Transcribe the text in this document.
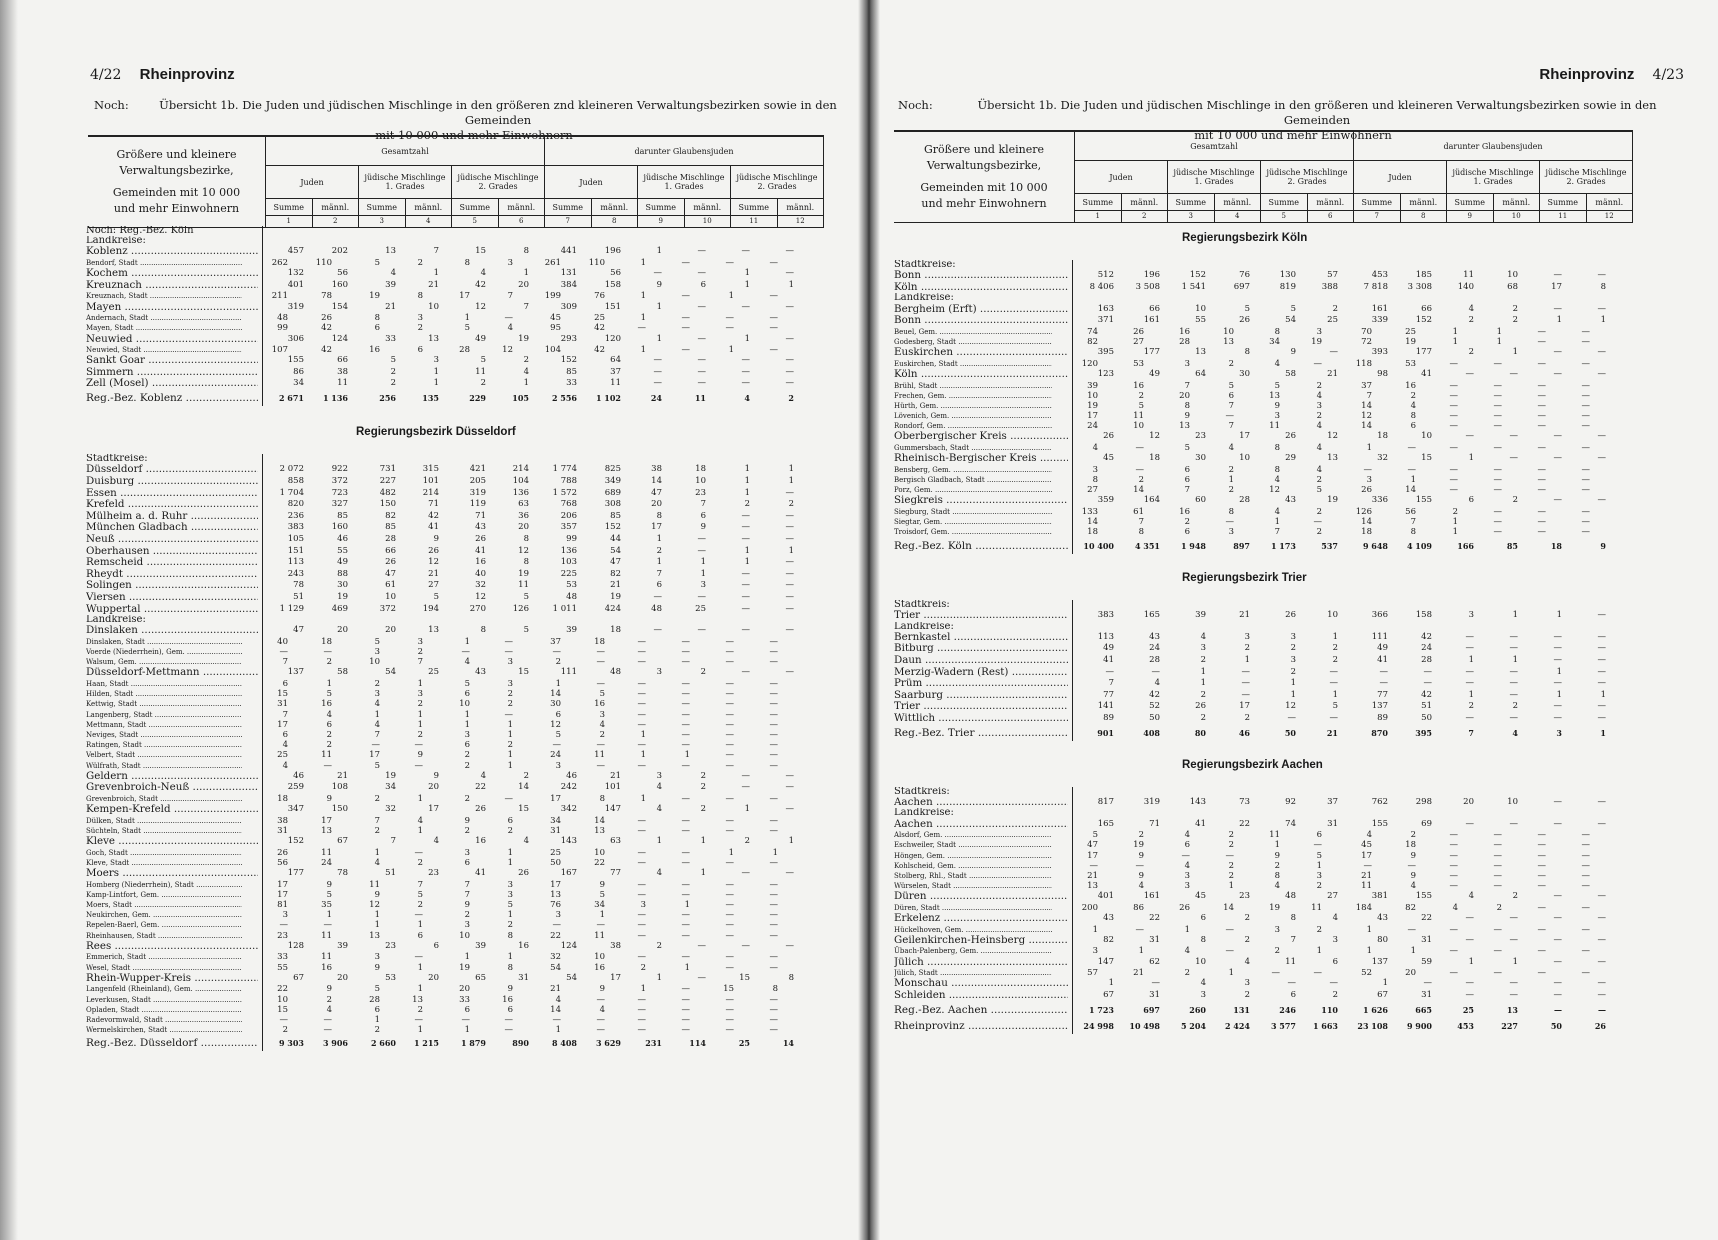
4/22 Rheinprovinz
Noch:	Übersicht 1b. Die Juden und jüdischen Mischlinge in den größeren znd kleineren Verwaltungsbezirken sowie in den Gemeinden
mit 10 000 und mehr Einwohnern
Größere und kleinere
Verwaltungsbezirke,
Gemeinden mit 10 000
und mehr Einwohnern	Gesamtzahl						darunter Glaubensjuden					
	Juden		jüdische Mischlinge 1. Grades		jüdische Mischlinge 2. Grades		Juden		jüdische Mischlinge 1. Grades		jüdische Mischlinge 2. Grades	
	Summe	männl.	Summe	männl.	Summe	männl.	Summe	männl.	Summe	männl.	Summe	männl.
	1	2	3	4	5	6	7	8	9	10	11	12
Noch: Reg.-Bez. Köln
Landkreise:
Koblenz .....	457	202	13	7	15	8	441	196	1	—	—	—
Bendorf, Stadt .....	262	110	5	2	8	3	261	110	1	—	—	—
Kochem .....	132	56	4	1	4	1	131	56	—	—	1	—
Kreuznach .....	401	160	39	21	42	20	384	158	9	6	1	1
Kreuznach, Stadt .....	211	78	19	8	17	7	199	76	1	—	1	—
Mayen .....	319	154	21	10	12	7	309	151	1	—	—	—
Andernach, Stadt .....	48	26	8	3	1	—	45	25	1	—	—	—
Mayen, Stadt .....	99	42	6	2	5	4	95	42	—	—	—	—
Neuwied .....	306	124	33	13	49	19	293	120	1	—	1	—
Neuwied, Stadt .....	107	42	16	6	28	12	104	42	1	—	1	—
Sankt Goar .....	155	66	5	3	5	2	152	64	—	—	—	—
Simmern .....	86	38	2	1	11	4	85	37	—	—	—	—
Zell (Mosel) .....	34	11	2	1	2	1	33	11	—	—	—	—
Reg.-Bez. Koblenz .....	2 671	1 136	256	135	229	105	2 556	1 102	24	11	4	2
Regierungsbezirk Düsseldorf
Stadtkreise:
Düsseldorf .....	2 072	922	731	315	421	214	1 774	825	38	18	1	1
Duisburg .....	858	372	227	101	205	104	788	349	14	10	1	1
Essen .....	1 704	723	482	214	319	136	1 572	689	47	23	1	—
Krefeld .....	820	327	150	71	119	63	768	308	20	7	2	2
Mülheim a. d. Ruhr .....	236	85	82	42	71	36	206	85	8	6	—	—
München Gladbach .....	383	160	85	41	43	20	357	152	17	9	—	—
Neuß .....	105	46	28	9	26	8	99	44	1	—	—	—
Oberhausen .....	151	55	66	26	41	12	136	54	2	—	1	1
Remscheid .....	113	49	26	12	16	8	103	47	1	1	1	—
Rheydt .....	243	88	47	21	40	19	225	82	7	1	—	—
Solingen .....	78	30	61	27	32	11	53	21	6	3	—	—
Viersen .....	51	19	10	5	12	5	48	19	—	—	—	—
Wuppertal .....	1 129	469	372	194	270	126	1 011	424	48	25	—	—
Landkreise:
Dinslaken .....	47	20	20	13	8	5	39	18	—	—	—	—
Dinslaken, Stadt .....	40	18	5	3	1	—	37	18	—	—	—	—
Voerde (Niederrhein), Gem. .....	—	—	3	2	—	—	—	—	—	—	—	—
Walsum, Gem. .....	7	2	10	7	4	3	2	—	—	—	—	—
Düsseldorf-Mettmann .....	137	58	54	25	43	15	111	48	3	2	—	—
Haan, Stadt .....	6	1	2	1	5	3	1	—	—	—	—	—
Hilden, Stadt .....	15	5	3	3	6	2	14	5	—	—	—	—
Kettwig, Stadt .....	31	16	4	2	10	2	30	16	—	—	—	—
Langenberg, Stadt .....	7	4	1	1	1	—	6	3	—	—	—	—
Mettmann, Stadt .....	17	6	4	1	1	1	12	4	—	—	—	—
Neviges, Stadt .....	6	2	7	2	3	1	5	2	1	—	—	—
Ratingen, Stadt .....	4	2	—	—	6	2	—	—	—	—	—	—
Velbert, Stadt .....	25	11	17	9	2	1	24	11	1	1	—	—
Wülfrath, Stadt .....	4	—	5	—	2	1	3	—	—	—	—	—
Geldern .....	46	21	19	9	4	2	46	21	3	2	—	—
Grevenbroich-Neuß .....	259	108	34	20	22	14	242	101	4	2	—	—
Grevenbroich, Stadt .....	18	9	2	1	2	—	17	8	1	—	—	—
Kempen-Krefeld .....	347	150	32	17	26	15	342	147	4	2	1	—
Dülken, Stadt .....	38	17	7	4	9	6	34	14	—	—	—	—
Süchteln, Stadt .....	31	13	2	1	2	2	31	13	—	—	—	—
Kleve .....	152	67	7	4	16	4	143	63	1	1	2	1
Goch, Stadt .....	26	11	1	—	3	1	25	10	—	—	1	1
Kleve, Stadt .....	56	24	4	2	6	1	50	22	—	—	—	—
Moers .....	177	78	51	23	41	26	167	77	4	1	—	—
Homberg (Niederrhein), Stadt .....	17	9	11	7	7	3	17	9	—	—	—	—
Kamp-Lintfort, Gem. .....	17	5	9	5	7	3	13	5	—	—	—	—
Moers, Stadt .....	81	35	12	2	9	5	76	34	3	1	—	—
Neukirchen, Gem. .....	3	1	1	—	2	1	3	1	—	—	—	—
Repelen-Baerl, Gem. .....	—	—	1	1	3	2	—	—	—	—	—	—
Rheinhausen, Stadt .....	23	11	13	6	10	8	22	11	—	—	—	—
Rees .....	128	39	23	6	39	16	124	38	2	—	—	—
Emmerich, Stadt .....	33	11	3	—	1	1	32	10	—	—	—	—
Wesel, Stadt .....	55	16	9	1	19	8	54	16	2	1	—	—
Rhein-Wupper-Kreis .....	67	20	53	20	65	31	54	17	1	—	15	8
Langenfeld (Rheinland), Gem. .....	22	9	5	1	20	9	21	9	1	—	15	8
Leverkusen, Stadt .....	10	2	28	13	33	16	4	—	—	—	—	—
Opladen, Stadt .....	15	4	6	2	6	6	14	4	—	—	—	—
Radevormwald, Stadt .....	—	—	1	—	—	—	—	—	—	—	—	—
Wermelskirchen, Stadt .....	2	—	2	1	1	—	1	—	—	—	—	—
Reg.-Bez. Düsseldorf .....	9 303	3 906	2 660	1 215	1 879	890	8 408	3 629	231	114	25	14
Rheinprovinz 4/23
Noch:	Übersicht 1b. Die Juden und jüdischen Mischlinge in den größeren und kleineren Verwaltungsbezirken sowie in den Gemeinden
mit 10 000 und mehr Einwohnern
Größere und kleinere
Verwaltungsbezirke,
Gemeinden mit 10 000
und mehr Einwohnern	Gesamtzahl						darunter Glaubensjuden					
	Juden		jüdische Mischlinge 1. Grades		jüdische Mischlinge 2. Grades		Juden		jüdische Mischlinge 1. Grades		jüdische Mischlinge 2. Grades	
	Summe	männl.	Summe	männl.	Summe	männl.	Summe	männl.	Summe	männl.	Summe	männl.
	1	2	3	4	5	6	7	8	9	10	11	12
Regierungsbezirk Köln
Stadtkreise:
Bonn .....	512	196	152	76	130	57	453	185	11	10	—	—
Köln .....	8 406	3 508	1 541	697	819	388	7 818	3 308	140	68	17	8
Landkreise:
Bergheim (Erft) .....	163	66	10	5	5	2	161	66	4	2	—	—
Bonn .....	371	161	55	26	54	25	339	152	2	2	1	1
Beuel, Gem. .....	74	26	16	10	8	3	70	25	1	1	—	—
Godesberg, Stadt .....	82	27	28	13	34	19	72	19	1	1	—	—
Euskirchen .....	395	177	13	8	9	—	393	177	2	1	—	—
Euskirchen, Stadt .....	120	53	3	2	4	—	118	53	—	—	—	—
Köln .....	123	49	64	30	58	21	98	41	—	—	—	—
Brühl, Stadt .....	39	16	7	5	5	2	37	16	—	—	—	—
Frechen, Gem. .....	10	2	20	6	13	4	7	2	—	—	—	—
Hürth, Gem. .....	19	5	8	7	9	3	14	4	—	—	—	—
Lövenich, Gem. .....	17	11	9	—	3	2	12	8	—	—	—	—
Rondorf, Gem. .....	24	10	13	7	11	4	14	6	—	—	—	—
Oberbergischer Kreis .....	26	12	23	17	26	12	18	10	—	—	—	—
Gummersbach, Stadt .....	4	—	5	4	8	4	1	—	—	—	—	—
Rheinisch-Bergischer Kreis .....	45	18	30	10	29	13	32	15	1	—	—	—
Bensberg, Gem. .....	3	—	6	2	8	4	—	—	—	—	—	—
Bergisch Gladbach, Stadt .....	8	2	6	1	4	2	3	1	—	—	—	—
Porz, Gem. .....	27	14	7	2	12	5	26	14	—	—	—	—
Siegkreis .....	359	164	60	28	43	19	336	155	6	2	—	—
Siegburg, Stadt .....	133	61	16	8	4	2	126	56	2	—	—	—
Siegtar, Gem. .....	14	7	2	—	1	—	14	7	1	—	—	—
Troisdorf, Gem. .....	18	8	6	3	7	2	18	8	1	—	—	—
Reg.-Bez. Köln .....	10 400	4 351	1 948	897	1 173	537	9 648	4 109	166	85	18	9
Regierungsbezirk Trier
Stadtkreis:
Trier .....	383	165	39	21	26	10	366	158	3	1	1	—
Landkreise:
Bernkastel .....	113	43	4	3	3	1	111	42	—	—	—	—
Bitburg .....	49	24	3	2	2	2	49	24	—	—	—	—
Daun .....	41	28	2	1	3	2	41	28	1	1	—	—
Merzig-Wadern (Rest) .....	—	—	1	—	2	—	—	—	—	—	1	—
Prüm .....	7	4	1	—	1	—	—	—	—	—	—	—
Saarburg .....	77	42	2	—	1	1	77	42	1	—	1	1
Trier .....	141	52	26	17	12	5	137	51	2	2	—	—
Wittlich .....	89	50	2	2	—	—	89	50	—	—	—	—
Reg.-Bez. Trier .....	901	408	80	46	50	21	870	395	7	4	3	1
Regierungsbezirk Aachen
Stadtkreis:
Aachen .....	817	319	143	73	92	37	762	298	20	10	—	—
Landkreise:
Aachen .....	165	71	41	22	74	31	155	69	—	—	—	—
Alsdorf, Gem. .....	5	2	4	2	11	6	4	2	—	—	—	—
Eschweiler, Stadt .....	47	19	6	2	1	—	45	18	—	—	—	—
Höngen, Gem. .....	17	9	—	—	9	5	17	9	—	—	—	—
Kohlscheid, Gem. .....	—	—	4	2	2	1	—	—	—	—	—	—
Stolberg, Rhl., Stadt .....	21	9	3	2	8	3	21	9	—	—	—	—
Würselen, Stadt .....	13	4	3	1	4	2	11	4	—	—	—	—
Düren .....	401	161	45	23	48	27	381	155	4	2	—	—
Düren, Stadt .....	200	86	26	14	19	11	184	82	4	2	—	—
Erkelenz .....	43	22	6	2	8	4	43	22	—	—	—	—
Hückelhoven, Gem. .....	1	—	1	—	3	2	1	—	—	—	—	—
Geilenkirchen-Heinsberg .....	82	31	8	2	7	3	80	31	—	—	—	—
Übach-Palenberg, Gem. .....	3	1	4	—	2	1	1	1	—	—	—	—
Jülich .....	147	62	10	4	11	6	137	59	1	1	—	—
Jülich, Stadt .....	57	21	2	1	—	—	52	20	—	—	—	—
Monschau .....	1	—	4	3	—	—	1	—	—	—	—	—
Schleiden .....	67	31	3	2	6	2	67	31	—	—	—	—
Reg.-Bez. Aachen .....	1 723	697	260	131	246	110	1 626	665	25	13	—	—
Rheinprovinz .....	24 998	10 498	5 204	2 424	3 577	1 663	23 108	9 900	453	227	50	26
